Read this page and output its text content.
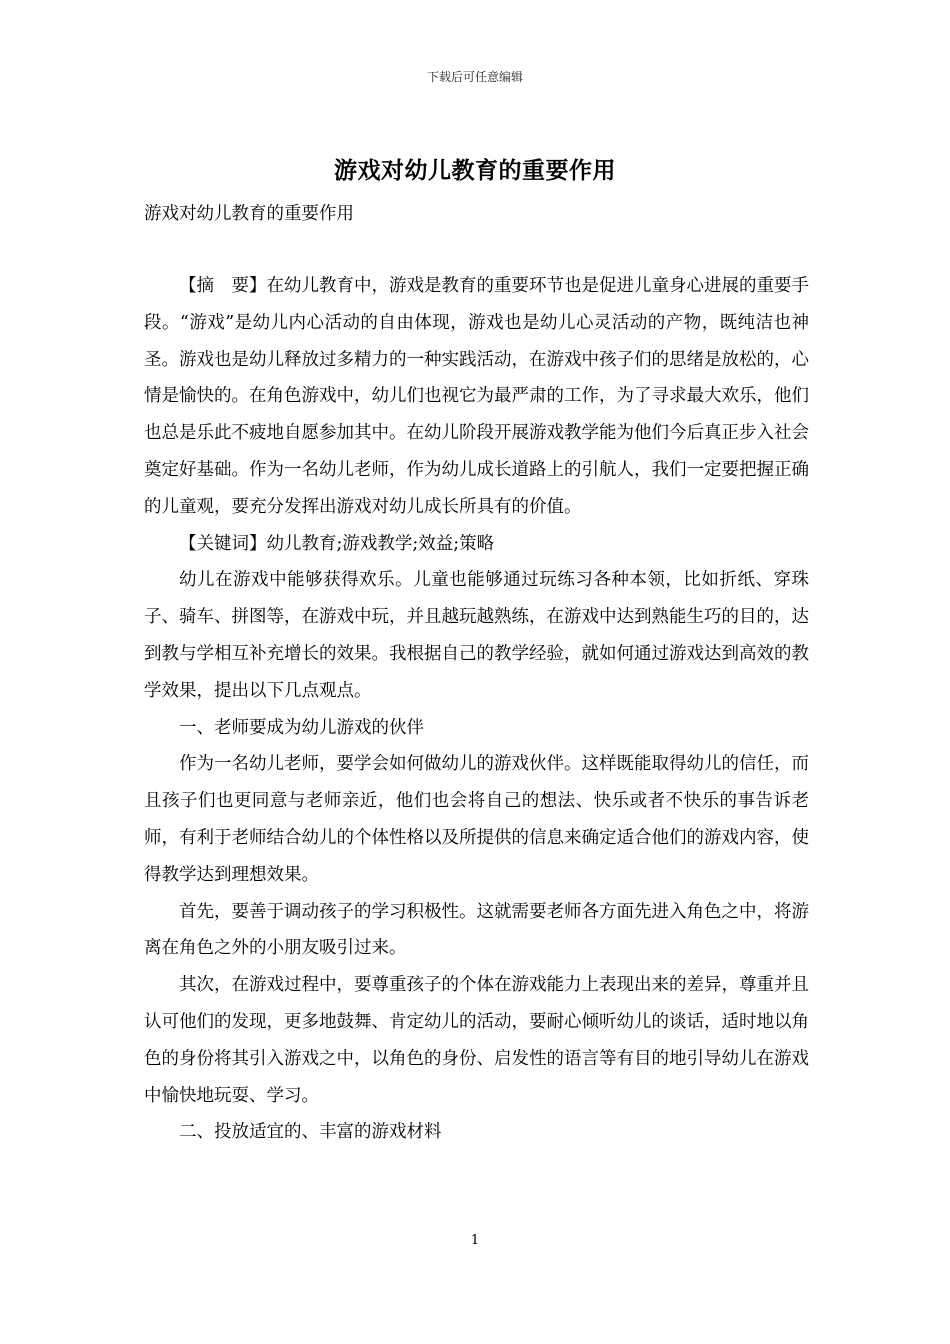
下载后可任意编辑
游戏对幼儿教育的重要作用
游戏对幼儿教育的重要作用

【摘　要】在幼儿教育中，游戏是教育的重要环节也是促进儿童身心进展的重要手段。“游戏”是幼儿内心活动的自由体现，游戏也是幼儿心灵活动的产物，既纯洁也神圣。游戏也是幼儿释放过多精力的一种实践活动，在游戏中孩子们的思绪是放松的，心情是愉快的。在角色游戏中，幼儿们也视它为最严肃的工作，为了寻求最大欢乐，他们也总是乐此不疲地自愿参加其中。在幼儿阶段开展游戏教学能为他们今后真正步入社会奠定好基础。作为一名幼儿老师，作为幼儿成长道路上的引航人，我们一定要把握正确的儿童观，要充分发挥出游戏对幼儿成长所具有的价值。

【关键词】幼儿教育;游戏教学;效益;策略

幼儿在游戏中能够获得欢乐。儿童也能够通过玩练习各种本领，比如折纸、穿珠子、骑车、拼图等，在游戏中玩，并且越玩越熟练，在游戏中达到熟能生巧的目的，达到教与学相互补充增长的效果。我根据自己的教学经验，就如何通过游戏达到高效的教学效果，提出以下几点观点。

一、老师要成为幼儿游戏的伙伴

作为一名幼儿老师，要学会如何做幼儿的游戏伙伴。这样既能取得幼儿的信任，而且孩子们也更同意与老师亲近，他们也会将自己的想法、快乐或者不快乐的事告诉老师，有利于老师结合幼儿的个体性格以及所提供的信息来确定适合他们的游戏内容，使得教学达到理想效果。

首先，要善于调动孩子的学习积极性。这就需要老师各方面先进入角色之中，将游离在角色之外的小朋友吸引过来。

其次，在游戏过程中，要尊重孩子的个体在游戏能力上表现出来的差异，尊重并且认可他们的发现，更多地鼓舞、肯定幼儿的活动，要耐心倾听幼儿的谈话，适时地以角色的身份将其引入游戏之中，以角色的身份、启发性的语言等有目的地引导幼儿在游戏中愉快地玩耍、学习。

二、投放适宜的、丰富的游戏材料

1
